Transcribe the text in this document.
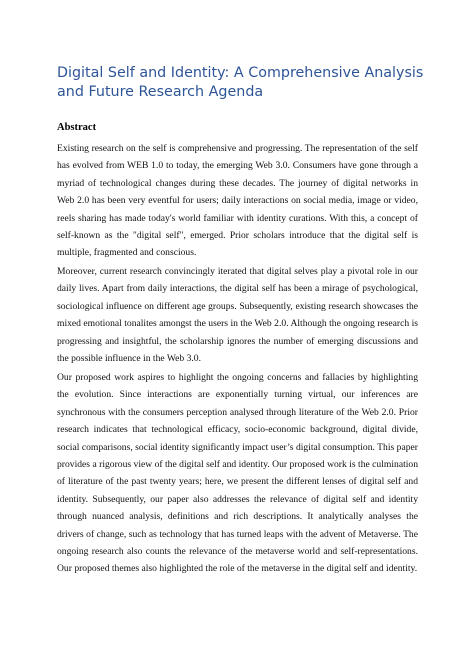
Digital Self and Identity: A Comprehensive Analysis and Future Research Agenda
Abstract

Existing research on the self is comprehensive and progressing. The representation of the self has evolved from WEB 1.0 to today, the emerging Web 3.0. Consumers have gone through a myriad of technological changes during these decades. The journey of digital networks in Web 2.0 has been very eventful for users; daily interactions on social media, image or video, reels sharing has made today's world familiar with identity curations. With this, a concept of self-known as the "digital self", emerged. Prior scholars introduce that the digital self is multiple, fragmented and conscious.

Moreover, current research convincingly iterated that digital selves play a pivotal role in our daily lives. Apart from daily interactions, the digital self has been a mirage of psychological, sociological influence on different age groups. Subsequently, existing research showcases the mixed emotional tonalites amongst the users in the Web 2.0. Although the ongoing research is progressing and insightful, the scholarship ignores the number of emerging discussions and the possible influence in the Web 3.0.

Our proposed work aspires to highlight the ongoing concerns and fallacies by highlighting the evolution. Since interactions are exponentially turning virtual, our inferences are synchronous with the consumers perception analysed through literature of the Web 2.0. Prior research indicates that technological efficacy, socio-economic background, digital divide, social comparisons, social identity significantly impact user’s digital consumption. This paper provides a rigorous view of the digital self and identity. Our proposed work is the culmination of literature of the past twenty years; here, we present the different lenses of digital self and identity. Subsequently, our paper also addresses the relevance of digital self and identity through nuanced analysis, definitions and rich descriptions. It analytically analyses the drivers of change, such as technology that has turned leaps with the advent of Metaverse. The ongoing research also counts the relevance of the metaverse world and self-representations. Our proposed themes also highlighted the role of the metaverse in the digital self and identity.
